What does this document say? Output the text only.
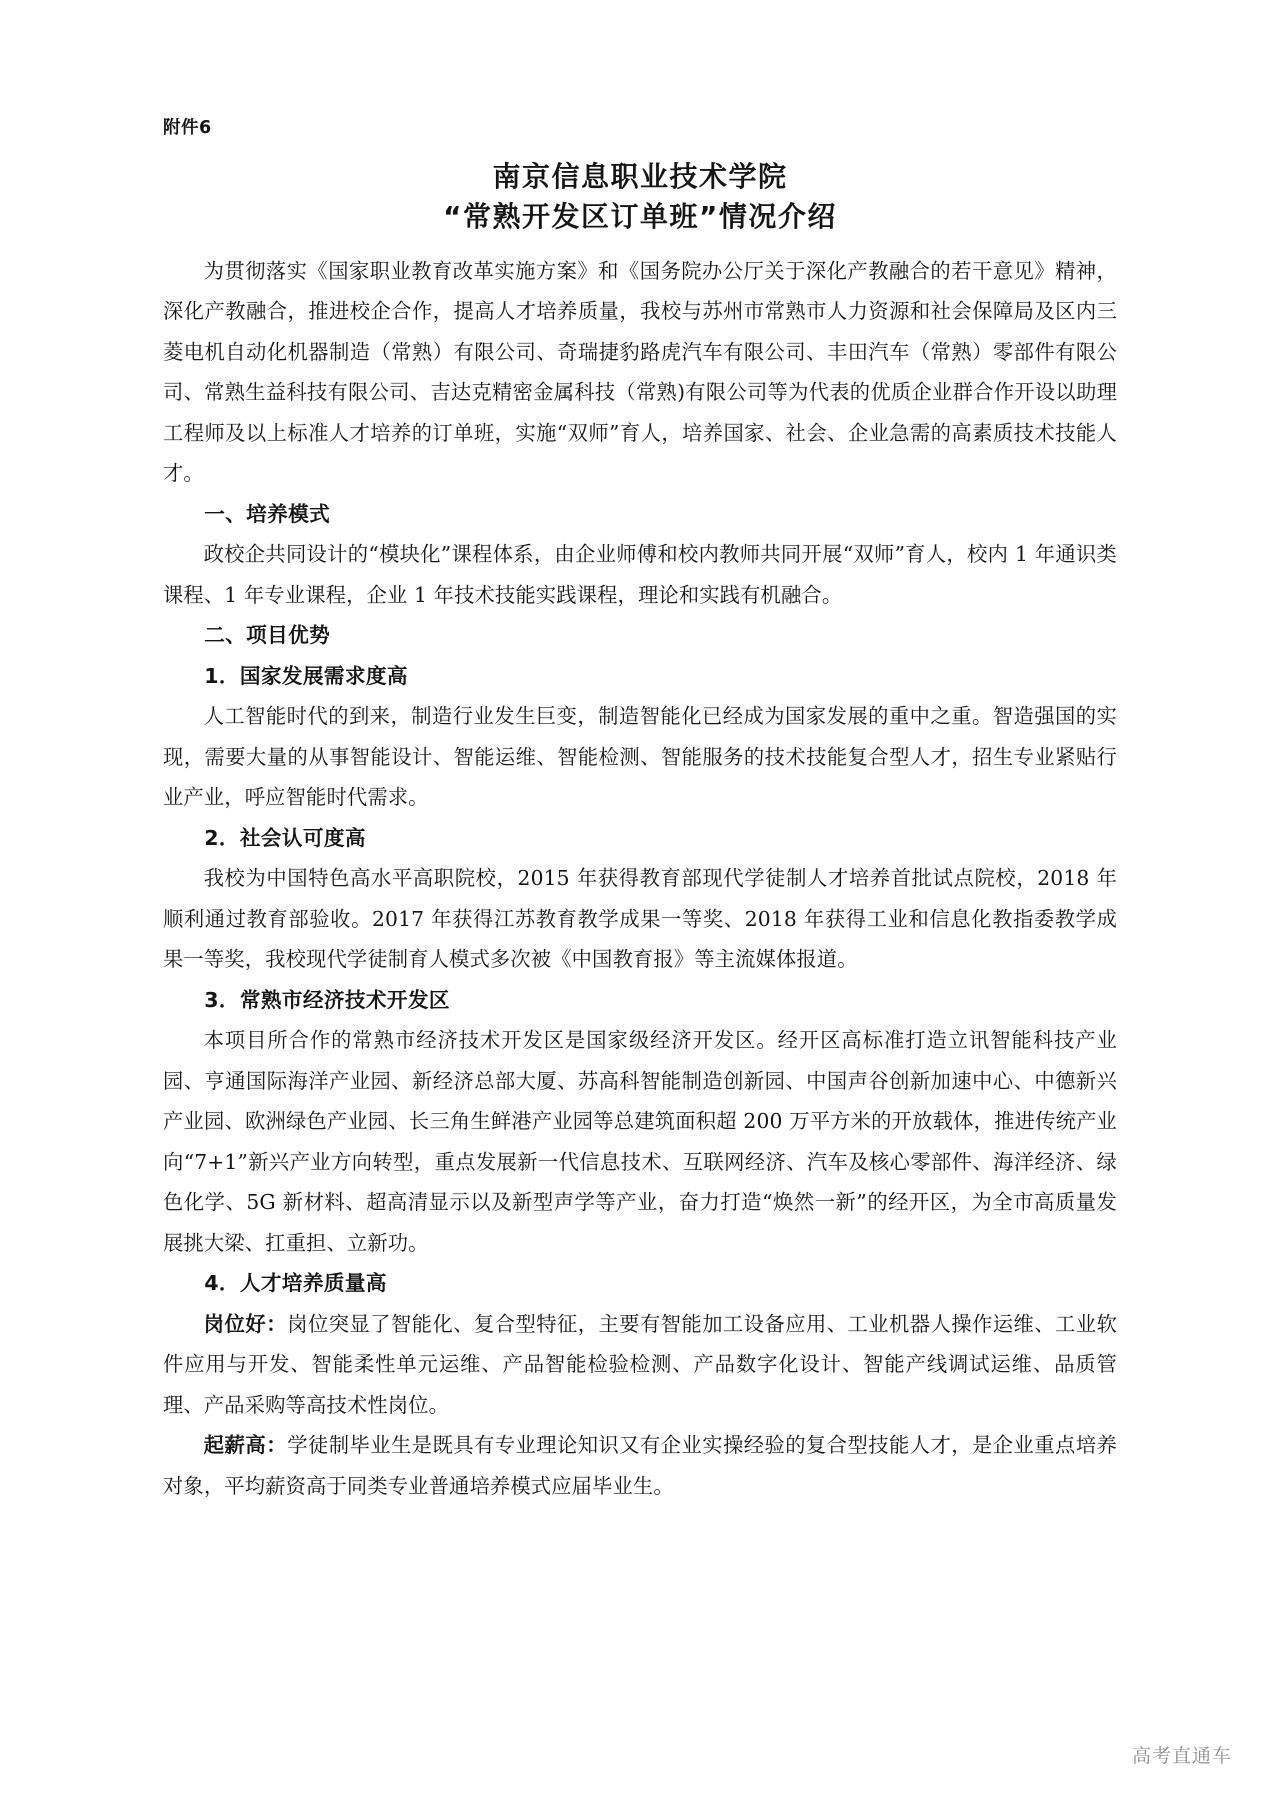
附件6
南京信息职业技术学院
“常熟开发区订单班”情况介绍

为贯彻落实《国家职业教育改革实施方案》和《国务院办公厅关于深化产教融合的若干意见》精神，深化产教融合，推进校企合作，提高人才培养质量，我校与苏州市常熟市人力资源和社会保障局及区内三菱电机自动化机器制造（常熟）有限公司、奇瑞捷豹路虎汽车有限公司、丰田汽车（常熟）零部件有限公司、常熟生益科技有限公司、吉达克精密金属科技（常熟)有限公司等为代表的优质企业群合作开设以助理工程师及以上标准人才培养的订单班，实施“双师”育人，培养国家、社会、企业急需的高素质技术技能人才。

一、培养模式

政校企共同设计的“模块化”课程体系，由企业师傅和校内教师共同开展“双师”育人，校内 1 年通识类课程、1 年专业课程，企业 1 年技术技能实践课程，理论和实践有机融合。

二、项目优势
1．国家发展需求度高

人工智能时代的到来，制造行业发生巨变，制造智能化已经成为国家发展的重中之重。智造强国的实现，需要大量的从事智能设计、智能运维、智能检测、智能服务的技术技能复合型人才，招生专业紧贴行业产业，呼应智能时代需求。

2．社会认可度高

我校为中国特色高水平高职院校，2015 年获得教育部现代学徒制人才培养首批试点院校，2018 年顺利通过教育部验收。2017 年获得江苏教育教学成果一等奖、2018 年获得工业和信息化教指委教学成果一等奖，我校现代学徒制育人模式多次被《中国教育报》等主流媒体报道。

3．常熟市经济技术开发区

本项目所合作的常熟市经济技术开发区是国家级经济开发区。经开区高标准打造立讯智能科技产业园、亨通国际海洋产业园、新经济总部大厦、苏高科智能制造创新园、中国声谷创新加速中心、中德新兴产业园、欧洲绿色产业园、长三角生鲜港产业园等总建筑面积超 200 万平方米的开放载体，推进传统产业向“7+1”新兴产业方向转型，重点发展新一代信息技术、互联网经济、汽车及核心零部件、海洋经济、绿色化学、5G 新材料、超高清显示以及新型声学等产业，奋力打造“焕然一新”的经开区，为全市高质量发展挑大梁、扛重担、立新功。

4．人才培养质量高

岗位好：岗位突显了智能化、复合型特征，主要有智能加工设备应用、工业机器人操作运维、工业软件应用与开发、智能柔性单元运维、产品智能检验检测、产品数字化设计、智能产线调试运维、品质管理、产品采购等高技术性岗位。

起薪高：学徒制毕业生是既具有专业理论知识又有企业实操经验的复合型技能人才，是企业重点培养对象，平均薪资高于同类专业普通培养模式应届毕业生。

高考直通车
